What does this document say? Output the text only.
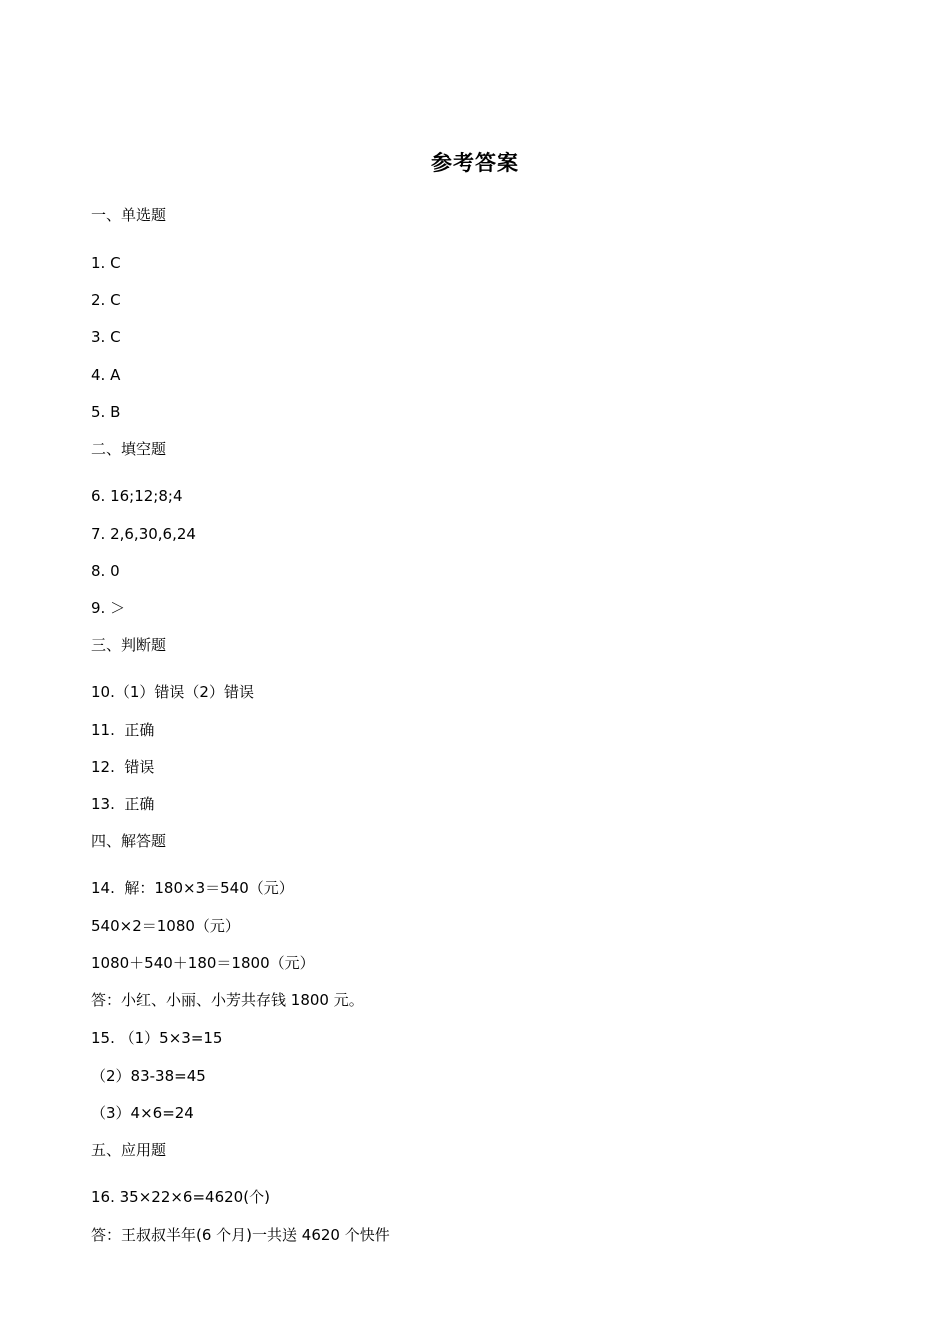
参考答案
一、单选题
1. C
2. C
3. C
4. A
5. B
二、填空题
6. 16;12;8;4
7. 2,6,30,6,24
8. 0
9. ＞
三、判断题
10.（1）错误（2）错误
11.  正确
12.  错误
13.  正确
四、解答题
14.  解：180×3＝540（元）
540×2＝1080（元）
1080＋540＋180＝1800（元）
答：小红、小丽、小芳共存钱 1800 元。
15. （1）5×3=15
（2）83-38=45
（3）4×6=24
五、应用题
16. 35×22×6=4620(个)
答：王叔叔半年(6 个月)一共送 4620 个快件
